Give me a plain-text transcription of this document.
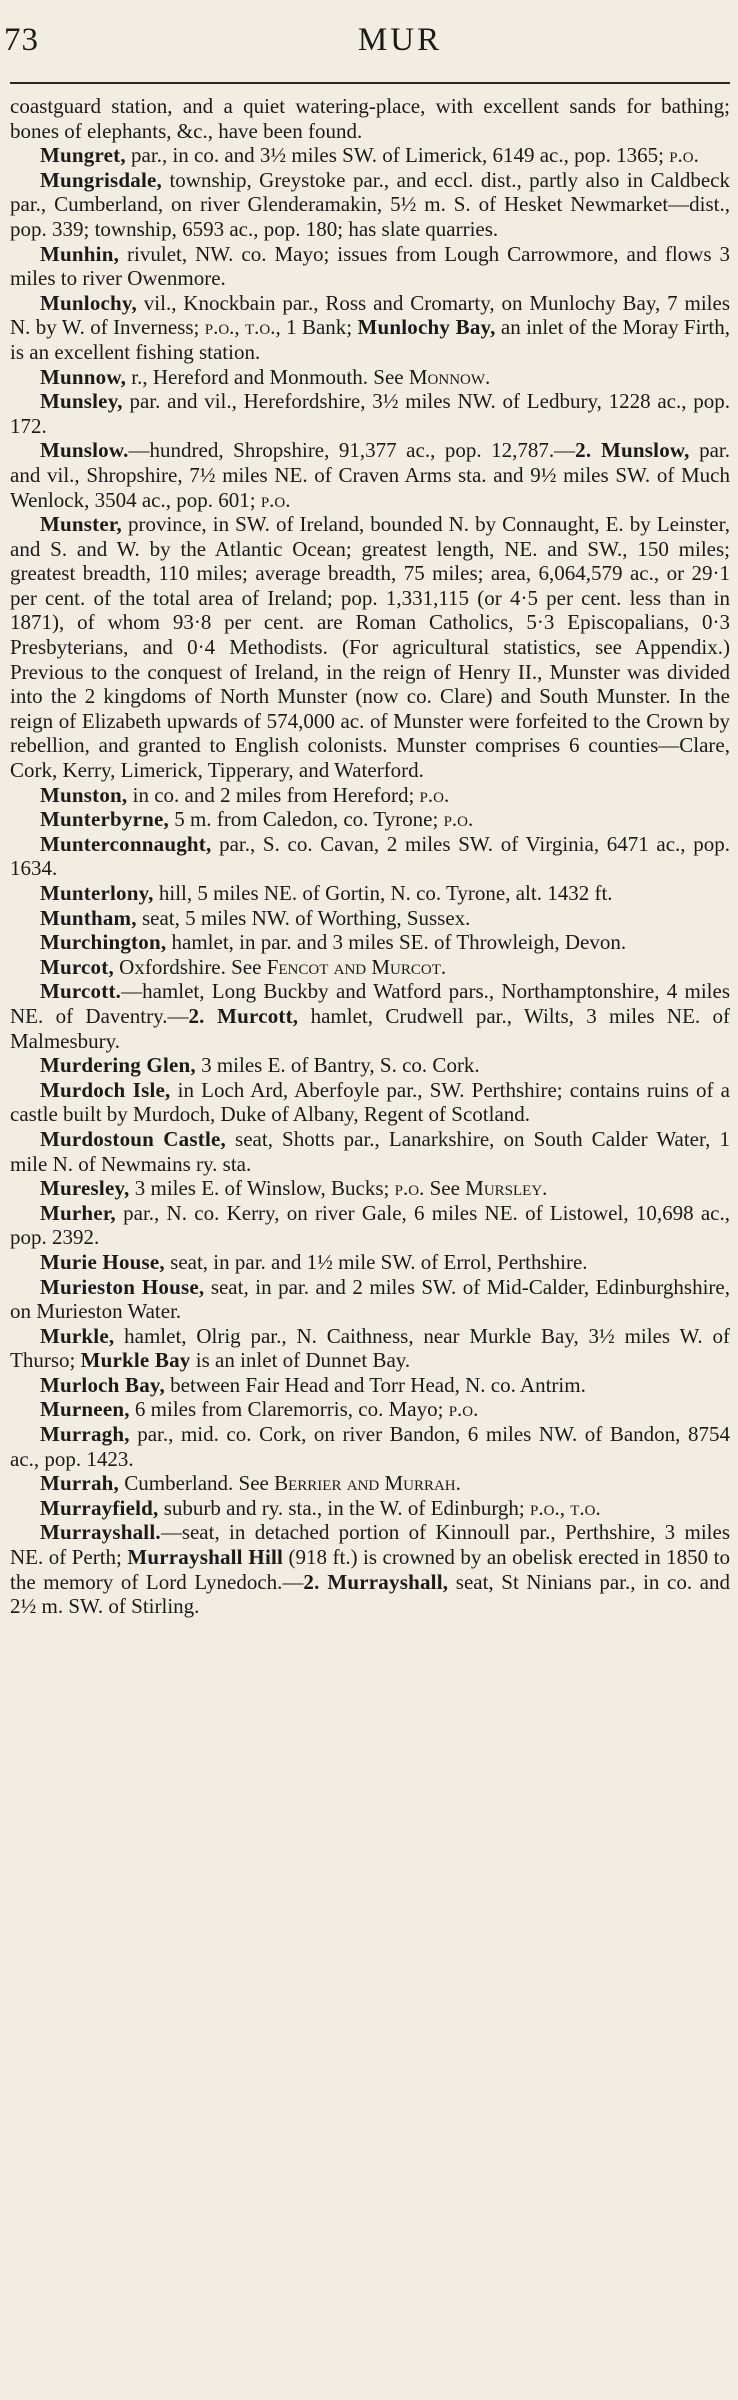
73	MUR

coastguard station, and a quiet watering-place, with excellent sands for bathing; bones of elephants, &c., have been found.

Mungret, par., in co. and 3½ miles SW. of Limerick, 6149 ac., pop. 1365; p.o.

Mungrisdale, township, Greystoke par., and eccl. dist., partly also in Caldbeck par., Cumberland, on river Glenderamakin, 5½ m. S. of Hesket Newmarket—dist., pop. 339; township, 6593 ac., pop. 180; has slate quarries.

Munhin, rivulet, NW. co. Mayo; issues from Lough Carrowmore, and flows 3 miles to river Owenmore.

Munlochy, vil., Knockbain par., Ross and Cromarty, on Munlochy Bay, 7 miles N. by W. of Inverness; p.o., t.o., 1 Bank; Munlochy Bay, an inlet of the Moray Firth, is an excellent fishing station.

Munnow, r., Hereford and Monmouth. See Monnow.

Munsley, par. and vil., Herefordshire, 3½ miles NW. of Ledbury, 1228 ac., pop. 172.

Munslow.—hundred, Shropshire, 91,377 ac., pop. 12,787.—2. Munslow, par. and vil., Shropshire, 7½ miles NE. of Craven Arms sta. and 9½ miles SW. of Much Wenlock, 3504 ac., pop. 601; p.o.

Munster, province, in SW. of Ireland, bounded N. by Connaught, E. by Leinster, and S. and W. by the Atlantic Ocean; greatest length, NE. and SW., 150 miles; greatest breadth, 110 miles; average breadth, 75 miles; area, 6,064,579 ac., or 29·1 per cent. of the total area of Ireland; pop. 1,331,115 (or 4·5 per cent. less than in 1871), of whom 93·8 per cent. are Roman Catholics, 5·3 Episcopalians, 0·3 Presbyterians, and 0·4 Methodists. (For agricultural statistics, see Appendix.) Previous to the conquest of Ireland, in the reign of Henry II., Munster was divided into the 2 kingdoms of North Munster (now co. Clare) and South Munster. In the reign of Elizabeth upwards of 574,000 ac. of Munster were forfeited to the Crown by rebellion, and granted to English colonists. Munster comprises 6 counties—Clare, Cork, Kerry, Limerick, Tipperary, and Waterford.

Munston, in co. and 2 miles from Hereford; p.o.

Munterbyrne, 5 m. from Caledon, co. Tyrone; p.o.

Munterconnaught, par., S. co. Cavan, 2 miles SW. of Virginia, 6471 ac., pop. 1634.

Munterlony, hill, 5 miles NE. of Gortin, N. co. Tyrone, alt. 1432 ft.

Muntham, seat, 5 miles NW. of Worthing, Sussex.

Murchington, hamlet, in par. and 3 miles SE. of Throwleigh, Devon.

Murcot, Oxfordshire. See Fencot and Murcot.

Murcott.—hamlet, Long Buckby and Watford pars., Northamptonshire, 4 miles NE. of Daventry.—2. Murcott, hamlet, Crudwell par., Wilts, 3 miles NE. of Malmesbury.

Murdering Glen, 3 miles E. of Bantry, S. co. Cork.

Murdoch Isle, in Loch Ard, Aberfoyle par., SW. Perthshire; contains ruins of a castle built by Murdoch, Duke of Albany, Regent of Scotland.

Murdostoun Castle, seat, Shotts par., Lanarkshire, on South Calder Water, 1 mile N. of Newmains ry. sta.

Muresley, 3 miles E. of Winslow, Bucks; p.o. See Mursley.

Murher, par., N. co. Kerry, on river Gale, 6 miles NE. of Listowel, 10,698 ac., pop. 2392.

Murie House, seat, in par. and 1½ mile SW. of Errol, Perthshire.

Murieston House, seat, in par. and 2 miles SW. of Mid-Calder, Edinburghshire, on Murieston Water.

Murkle, hamlet, Olrig par., N. Caithness, near Murkle Bay, 3½ miles W. of Thurso; Murkle Bay is an inlet of Dunnet Bay.

Murloch Bay, between Fair Head and Torr Head, N. co. Antrim.

Murneen, 6 miles from Claremorris, co. Mayo; p.o.

Murragh, par., mid. co. Cork, on river Bandon, 6 miles NW. of Bandon, 8754 ac., pop. 1423.

Murrah, Cumberland. See Berrier and Murrah.

Murrayfield, suburb and ry. sta., in the W. of Edinburgh; p.o., t.o.

Murrayshall.—seat, in detached portion of Kinnoull par., Perthshire, 3 miles NE. of Perth; Murrayshall Hill (918 ft.) is crowned by an obelisk erected in 1850 to the memory of Lord Lynedoch.—2. Murrayshall, seat, St Ninians par., in co. and 2½ m. SW. of Stirling.
